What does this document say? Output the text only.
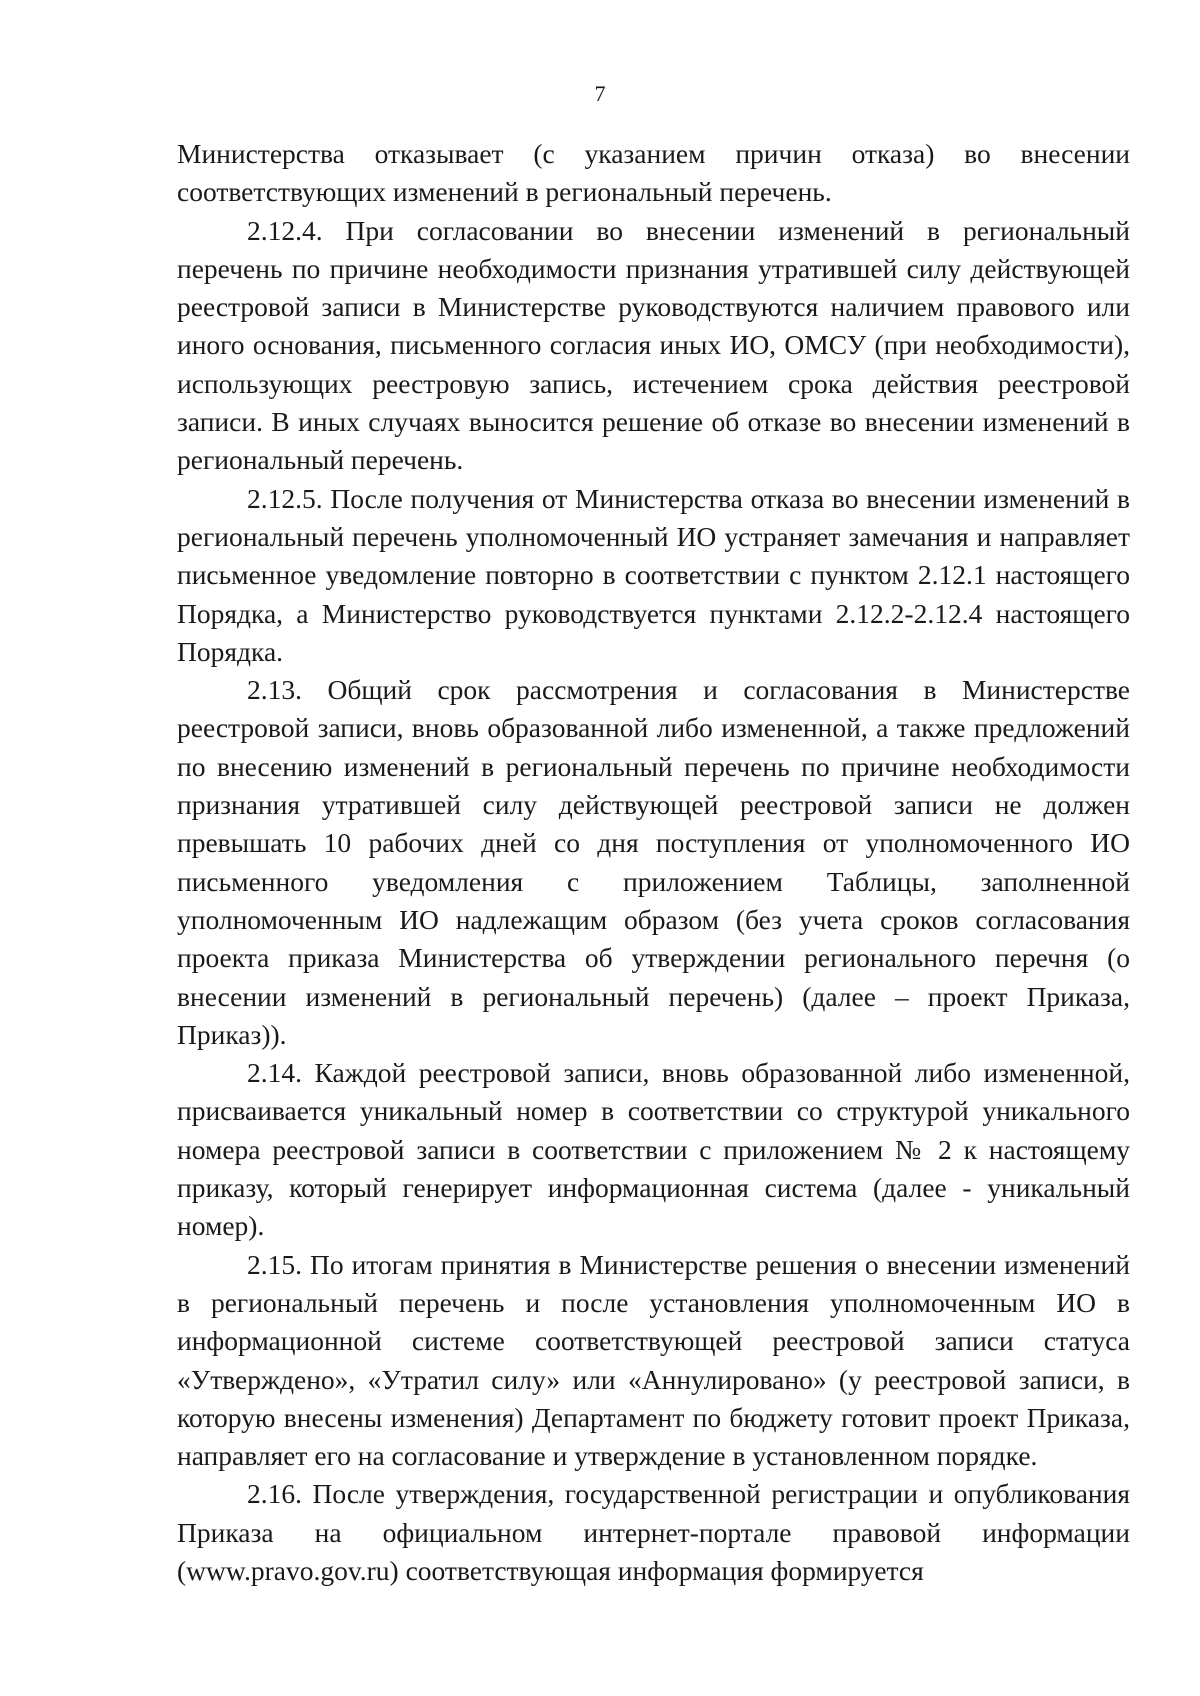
7

Министерства отказывает (с указанием причин отказа) во внесении соответствующих изменений в региональный перечень.

2.12.4. При согласовании во внесении изменений в региональный перечень по причине необходимости признания утратившей силу действующей реестровой записи в Министерстве руководствуются наличием правового или иного основания, письменного согласия иных ИО, ОМСУ (при необходимости), использующих реестровую запись, истечением срока действия реестровой записи. В иных случаях выносится решение об отказе во внесении изменений в региональный перечень.

2.12.5. После получения от Министерства отказа во внесении изменений в региональный перечень уполномоченный ИО устраняет замечания и направляет письменное уведомление повторно в соответствии с пунктом 2.12.1 настоящего Порядка, а Министерство руководствуется пунктами 2.12.2-2.12.4 настоящего Порядка.

2.13. Общий срок рассмотрения и согласования в Министерстве реестровой записи, вновь образованной либо измененной, а также предложений по внесению изменений в региональный перечень по причине необходимости признания утратившей силу действующей реестровой записи не должен превышать 10 рабочих дней со дня поступления от уполномоченного ИО письменного уведомления с приложением Таблицы, заполненной уполномоченным ИО надлежащим образом (без учета сроков согласования проекта приказа Министерства об утверждении регионального перечня (о внесении изменений в региональный перечень) (далее – проект Приказа, Приказ)).

2.14. Каждой реестровой записи, вновь образованной либо измененной, присваивается уникальный номер в соответствии со структурой уникального номера реестровой записи в соответствии с приложением № 2 к настоящему приказу, который генерирует информационная система (далее - уникальный номер).

2.15. По итогам принятия в Министерстве решения о внесении изменений в региональный перечень и после установления уполномоченным ИО в информационной системе соответствующей реестровой записи статуса «Утверждено», «Утратил силу» или «Аннулировано» (у реестровой записи, в которую внесены изменения) Департамент по бюджету готовит проект Приказа, направляет его на согласование и утверждение в установленном порядке.

2.16. После утверждения, государственной регистрации и опубликования Приказа на официальном интернет-портале правовой информации (www.pravo.gov.ru) соответствующая информация формируется
